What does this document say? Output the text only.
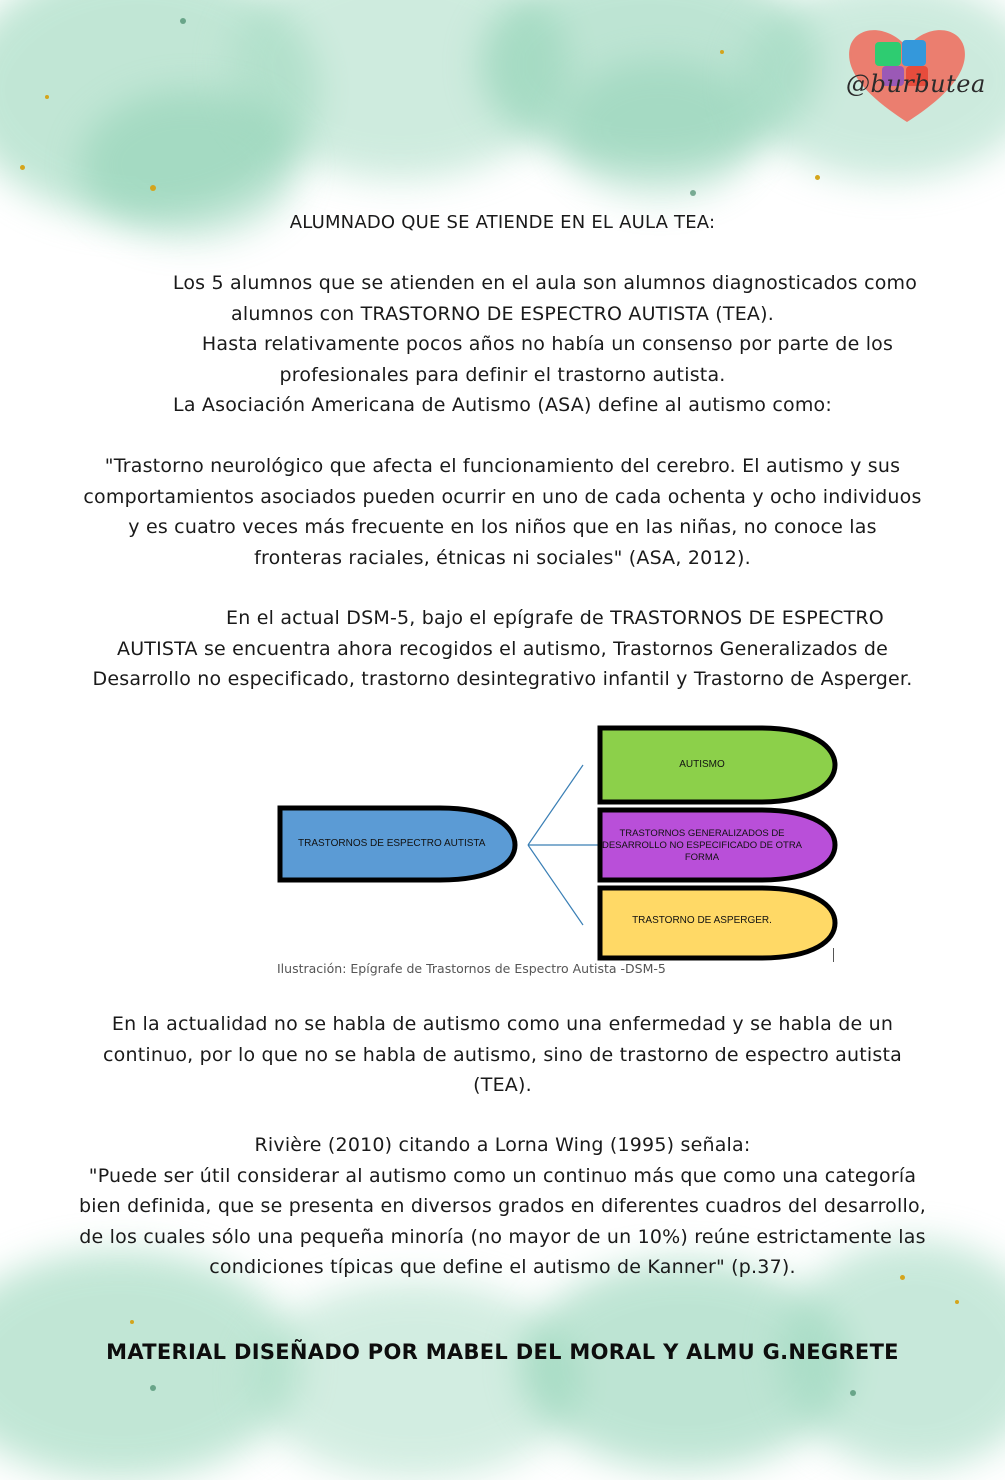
@burbutea

ALUMNADO QUE SE ATIENDE EN EL AULA TEA:

Los 5 alumnos que se atienden en el aula son alumnos diagnosticados como

alumnos con TRASTORNO DE ESPECTRO AUTISTA (TEA).

Hasta relativamente pocos años no había un consenso por parte de los

profesionales para definir el trastorno autista.

La Asociación Americana de Autismo (ASA) define al autismo como:

"Trastorno neurológico que afecta el funcionamiento del cerebro. El autismo y sus

comportamientos asociados pueden ocurrir en uno de cada ochenta y ocho individuos

y es cuatro veces más frecuente en los niños que en las niñas, no conoce las

fronteras raciales, étnicas ni sociales" (ASA, 2012).

En el actual DSM-5, bajo el epígrafe de TRASTORNOS DE ESPECTRO

AUTISTA se encuentra ahora recogidos el autismo, Trastornos Generalizados de

Desarrollo no especificado, trastorno desintegrativo infantil y Trastorno de Asperger.

TRASTORNOS DE ESPECTRO AUTISTA
AUTISMO
TRASTORNOS GENERALIZADOS DE
DESARROLLO NO ESPECIFICADO DE OTRA
FORMA
TRASTORNO DE ASPERGER.
Ilustración: Epígrafe de Trastornos de Espectro Autista -DSM-5

En la actualidad no se habla de autismo como una enfermedad y se habla de un

continuo, por lo que no se habla de autismo, sino de trastorno de espectro autista

(TEA).

Rivière (2010) citando a Lorna Wing (1995) señala:

"Puede ser útil considerar al autismo como un continuo más que como una categoría

bien definida, que se presenta en diversos grados en diferentes cuadros del desarrollo,

de los cuales sólo una pequeña minoría (no mayor de un 10%) reúne estrictamente las

condiciones típicas que define el autismo de Kanner" (p.37).

MATERIAL DISEÑADO POR MABEL DEL MORAL Y ALMU G.NEGRETE
